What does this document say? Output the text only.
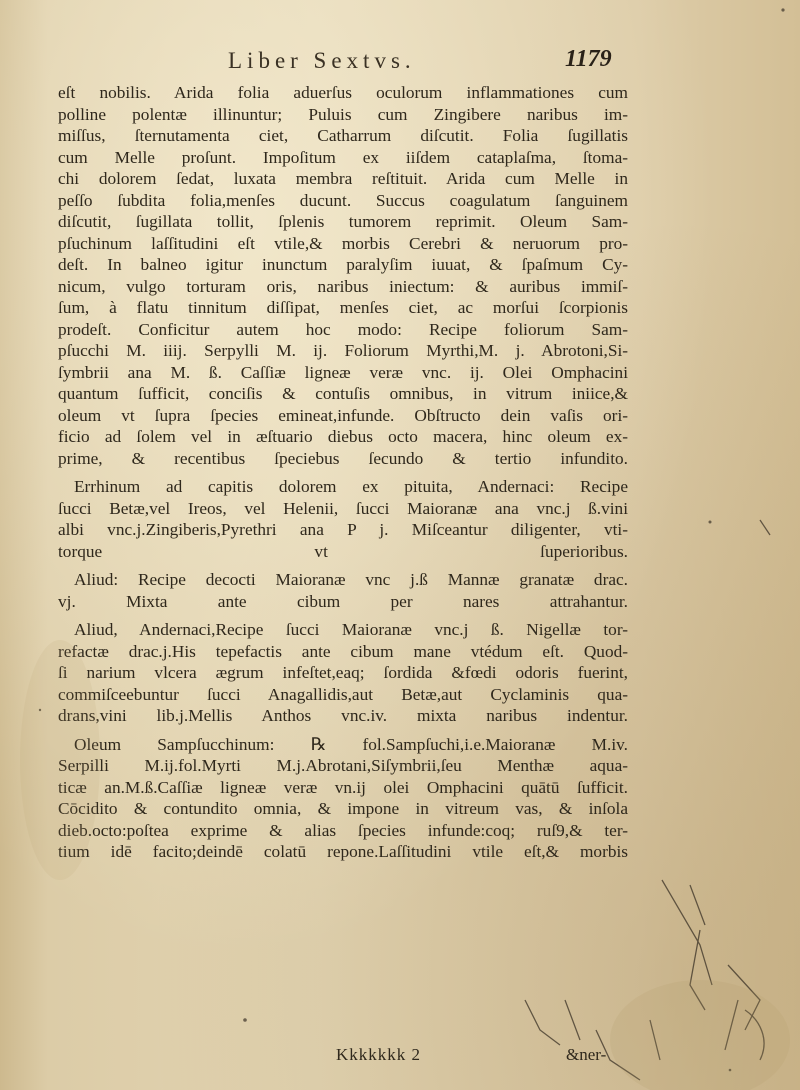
Liber Sextvs.	1179
eſt nobilis. Arida folia aduerſus oculorum inflammationes cum
polline polentæ illinuntur; Puluis cum Zingibere naribus im-
miſſus, ſternutamenta ciet, Catharrum diſcutit. Folia ſugillatis
cum Melle proſunt. Impoſitum ex iiſdem cataplaſma, ſtoma-
chi dolorem ſedat, luxata membra reſtituit. Arida cum Melle in
peſſo ſubdita folia,menſes ducunt. Succus coagulatum ſanguinem
diſcutit, ſugillata tollit, ſplenis tumorem reprimit. Oleum Sam-
pſuchinum laſſitudini eſt vtile,& morbis Cerebri & neruorum pro-
deſt. In balneo igitur inunctum paralyſim iuuat, & ſpaſmum Cy-
nicum, vulgo torturam oris, naribus iniectum: & auribus immiſ-
ſum, à flatu tinnitum diſſipat, menſes ciet, ac morſui ſcorpionis
prodeſt. Conficitur autem hoc modo: Recipe foliorum Sam-
pſucchi M. iiij. Serpylli M. ij. Foliorum Myrthi,M. j. Abrotoni,Si-
ſymbrii ana M. ß. Caſſiæ ligneæ veræ vnc. ij. Olei Omphacini
quantum ſufficit, conciſis & contuſis omnibus, in vitrum iniice,&
oleum vt ſupra ſpecies emineat,infunde. Obſtructo dein vaſis ori-
ficio ad ſolem vel in æſtuario diebus octo macera, hinc oleum ex-
prime, & recentibus ſpeciebus ſecundo & tertio infundito.
Errhinum ad capitis dolorem ex pituita, Andernaci: Recipe
ſucci Betæ,vel Ireos, vel Helenii, ſucci Maioranæ ana vnc.j ß.vini
albi vnc.j.Zingiberis,Pyrethri ana P j. Miſceantur diligenter, vti-
torque vt ſuperioribus.
Aliud: Recipe decocti Maioranæ vnc j.ß Mannæ granatæ drac.
vj. Mixta ante cibum per nares attrahantur.
Aliud, Andernaci,Recipe ſucci Maioranæ vnc.j ß. Nigellæ tor-
refactæ drac.j.His tepefactis ante cibum mane vtédum eſt. Quod-
ſi narium vlcera ægrum infeſtet,eaq; ſordida &fœdi odoris fuerint,
commiſceebuntur ſucci Anagallidis,aut Betæ,aut Cyclaminis qua-
drans,vini lib.j.Mellis Anthos vnc.iv. mixta naribus indentur.
Oleum Sampſucchinum: ℞ fol.Sampſuchi,i.e.Maioranæ M.iv.
Serpilli M.ij.fol.Myrti M.j.Abrotani,Siſymbrii,ſeu Menthæ aqua-
ticæ an.M.ß.Caſſiæ ligneæ veræ vn.ij olei Omphacini quātū ſufficit.
Cōcidito & contundito omnia, & impone in vitreum vas, & inſola
dieb.octo:poſtea exprime & alias ſpecies infunde:coq; ruſ9,& ter-
tium idē facito;deindē colatū repone.Laſſitudini vtile eſt,& morbis
Kkkkkkk 2	&ner-
